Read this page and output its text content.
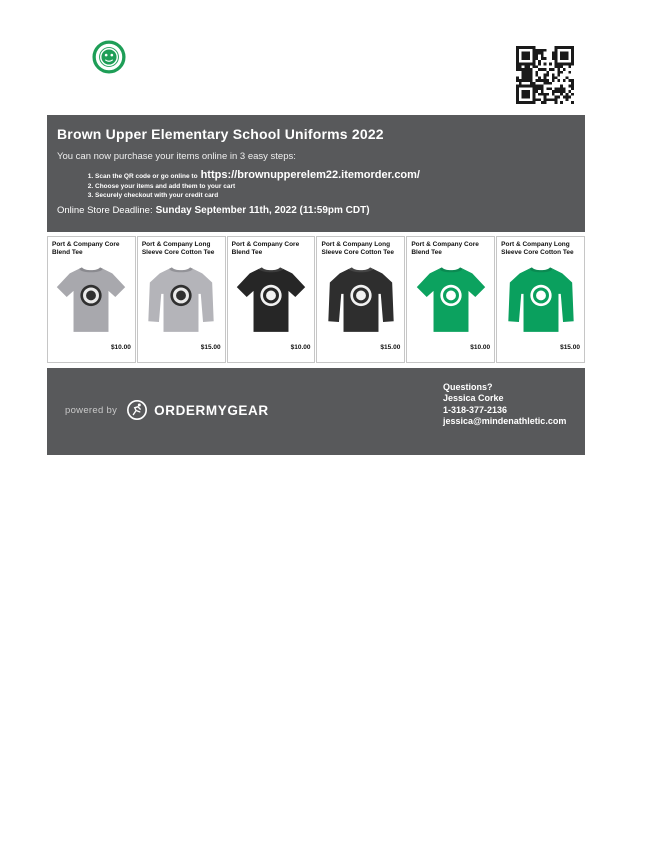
Brown Upper Elementary School Uniforms 2022
You can now purchase your items online in 3 easy steps:
1. Scan the QR code or go online to https://brownupperelem22.itemorder.com/
2. Choose your items and add them to your cart
3. Securely checkout with your credit card
Online Store Deadline: Sunday September 11th, 2022 (11:59pm CDT)
Port & Company Core Blend Tee
$10.00
Port & Company Long Sleeve Core Cotton Tee
$15.00
Port & Company Core Blend Tee
$10.00
Port & Company Long Sleeve Core Cotton Tee
$15.00
Port & Company Core Blend Tee
$10.00
Port & Company Long Sleeve Core Cotton Tee
$15.00
powered by	ORDERMYGEAR
Questions?
Jessica Corke
1-318-377-2136
jessica@mindenathletic.com
